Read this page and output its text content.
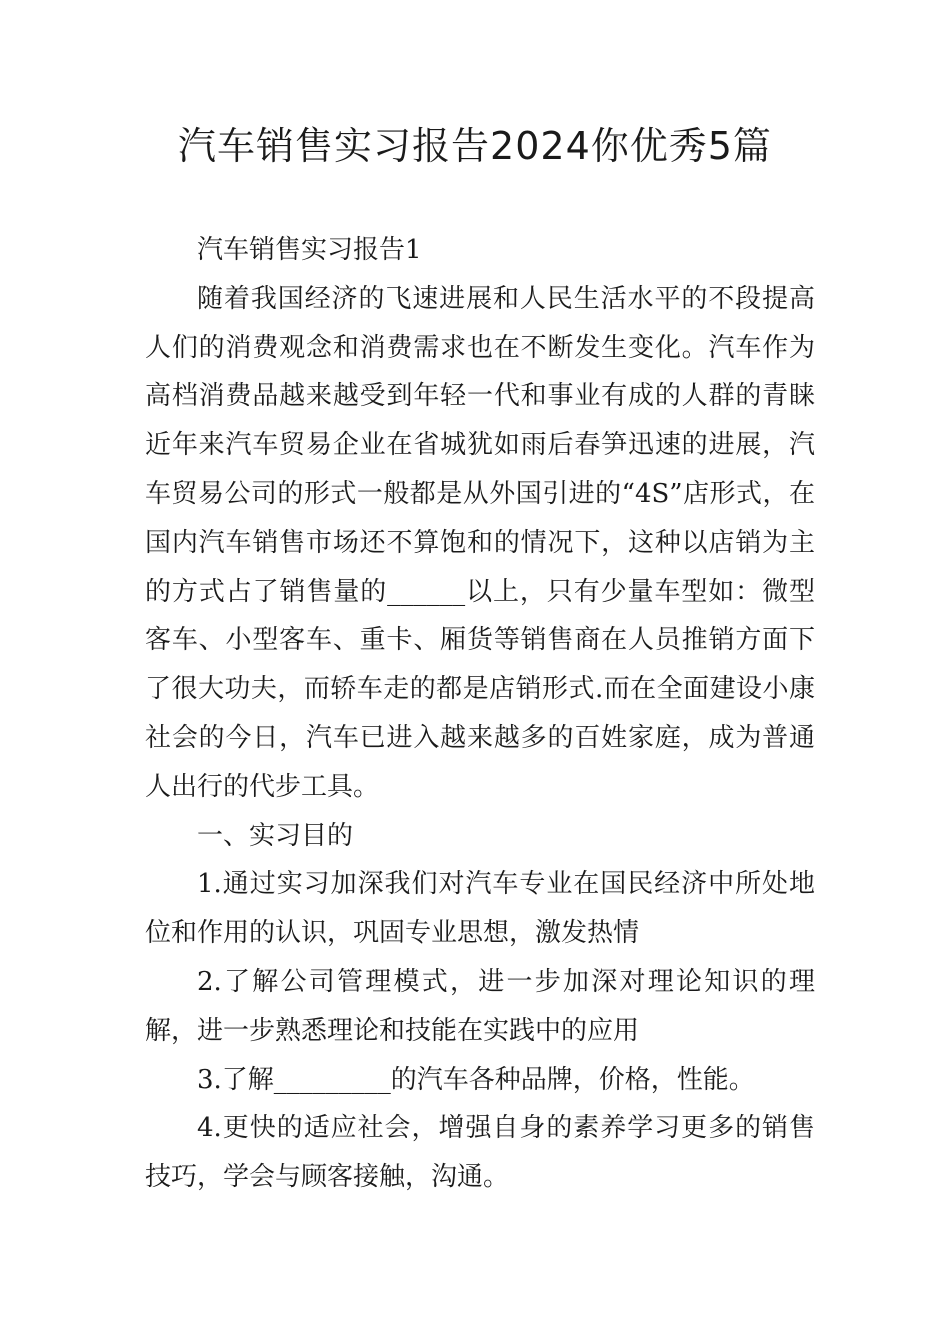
汽车销售实习报告2024你优秀5篇

汽车销售实习报告1

随着我国经济的飞速进展和人民生活水平的不段提高人们的消费观念和消费需求也在不断发生变化。汽车作为高档消费品越来越受到年轻一代和事业有成的人群的青睐近年来汽车贸易企业在省城犹如雨后春笋迅速的进展，汽车贸易公司的形式一般都是从外国引进的“4S”店形式，在国内汽车销售市场还不算饱和的情况下，这种以店销为主的方式占了销售量的______以上，只有少量车型如：微型客车、小型客车、重卡、厢货等销售商在人员推销方面下了很大功夫，而轿车走的都是店销形式.而在全面建设小康社会的今日，汽车已进入越来越多的百姓家庭，成为普通人出行的代步工具。

一、实习目的

1.通过实习加深我们对汽车专业在国民经济中所处地位和作用的认识，巩固专业思想，激发热情

2.了解公司管理模式，进一步加深对理论知识的理解，进一步熟悉理论和技能在实践中的应用

3.了解_________的汽车各种品牌，价格，性能。

4.更快的适应社会，增强自身的素养学习更多的销售技巧，学会与顾客接触，沟通。
